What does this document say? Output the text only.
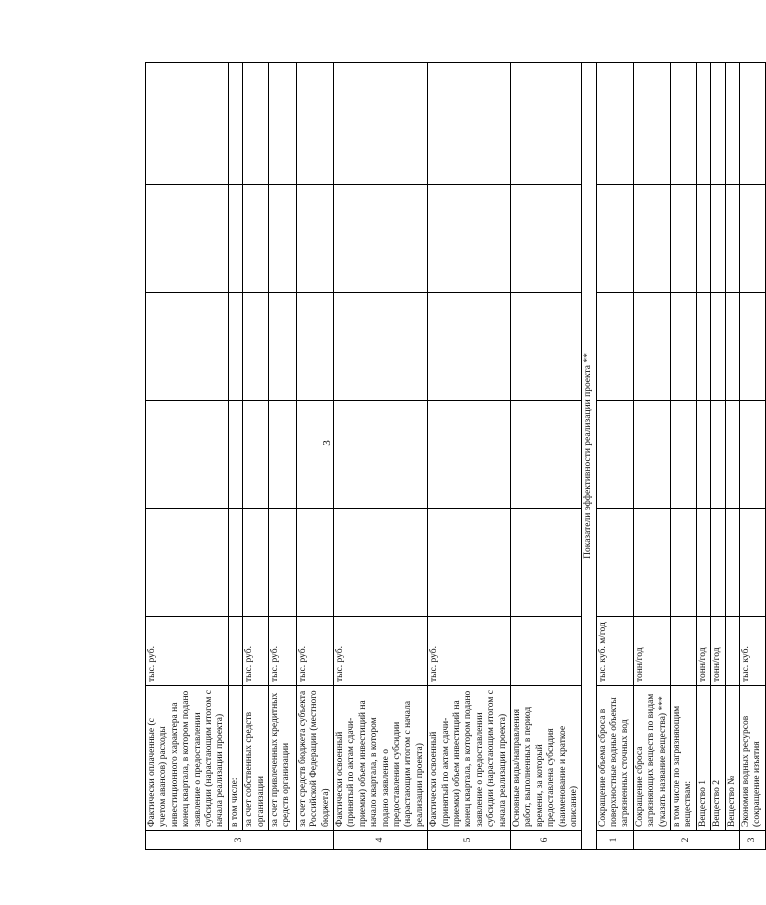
3
3	Фактически оплаченные (с учетом авансов) расходы инвестиционного характера на конец квартала, в котором подано заявление о предоставлении субсидии (нарастающим итогом с начала реализации проекта)	тыс. руб.					
	в том числе:						
	за счет собственных средств организации	тыс. руб.					
	за счет привлеченных кредитных средств организации	тыс. руб.					
	за счет средств бюджета субъекта Российской Федерации (местного бюджета)	тыс. руб.					
4	Фактически освоенный (принятый по актам сдачи-приемки) объем инвестиций на начало квартала, в котором подано заявление о предоставлении субсидии (нарастающим итогом с начала реализации проекта)	тыс. руб.					
5	Фактически освоенный (принятый по актам сдачи-приемки) объем инвестиций на конец квартала, в котором подано заявление о предоставлении субсидии (нарастающим итогом с начала реализации проекта)	тыс. руб.					
6	Основные виды/направления работ, выполненных в период времени, за который предоставлена субсидия (наименование и краткое описание)						
Показатели эффективности реализации проекта **							
1	Сокращение объема сброса в поверхностные водные объекты загрязненных сточных вод	тыс. куб. м/год					
2	Сокращение сброса загрязняющих веществ по видам (указать название вещества) ***	тонн/год					
	в том числе по загрязняющим веществам:						
	Вещество 1	тонн/год					
	Вещество 2	тонн/год					
	Вещество №						
3	Экономия водных ресурсов (сокращение изъятия	тыс. куб.					
